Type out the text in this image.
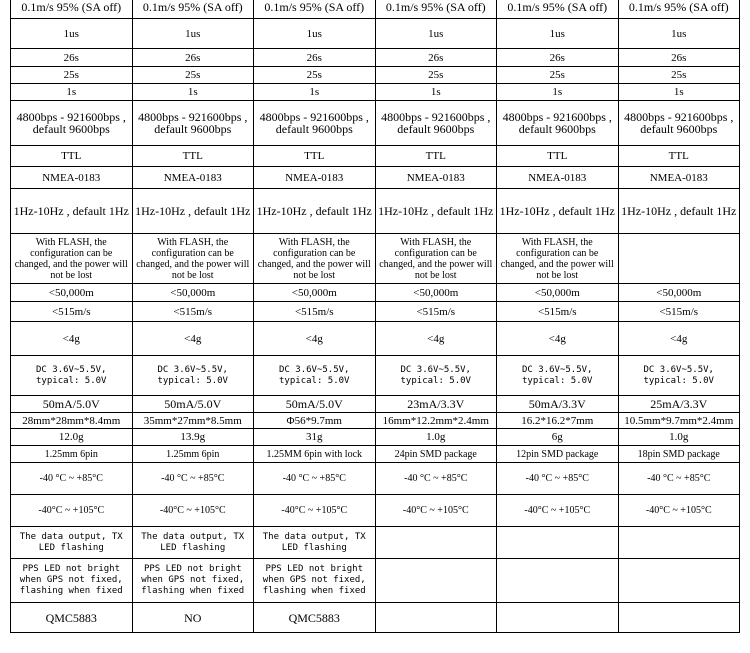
0.1m/s 95% (SA off)	0.1m/s 95% (SA off)	0.1m/s 95% (SA off)	0.1m/s 95% (SA off)	0.1m/s 95% (SA off)	0.1m/s 95% (SA off)
1us	1us	1us	1us	1us	1us
26s	26s	26s	26s	26s	26s
25s	25s	25s	25s	25s	25s
1s	1s	1s	1s	1s	1s
4800bps - 921600bps , default 9600bps	4800bps - 921600bps , default 9600bps	4800bps - 921600bps , default 9600bps	4800bps - 921600bps , default 9600bps	4800bps - 921600bps , default 9600bps	4800bps - 921600bps , default 9600bps
TTL	TTL	TTL	TTL	TTL	TTL
NMEA-0183	NMEA-0183	NMEA-0183	NMEA-0183	NMEA-0183	NMEA-0183
1Hz-10Hz , default 1Hz	1Hz-10Hz , default 1Hz	1Hz-10Hz , default 1Hz	1Hz-10Hz , default 1Hz	1Hz-10Hz , default 1Hz	1Hz-10Hz , default 1Hz
With FLASH, the configuration can be changed, and the power will not be lost	With FLASH, the configuration can be changed, and the power will not be lost	With FLASH, the configuration can be changed, and the power will not be lost	With FLASH, the configuration can be changed, and the power will not be lost	With FLASH, the configuration can be changed, and the power will not be lost	
<50,000m	<50,000m	<50,000m	<50,000m	<50,000m	<50,000m
<515m/s	<515m/s	<515m/s	<515m/s	<515m/s	<515m/s
<4g	<4g	<4g	<4g	<4g	<4g
DC 3.6V~5.5V, typical: 5.0V	DC 3.6V~5.5V, typical: 5.0V	DC 3.6V~5.5V, typical: 5.0V	DC 3.6V~5.5V, typical: 5.0V	DC 3.6V~5.5V, typical: 5.0V	DC 3.6V~5.5V, typical: 5.0V
50mA/5.0V	50mA/5.0V	50mA/5.0V	23mA/3.3V	50mA/3.3V	25mA/3.3V
28mm*28mm*8.4mm	35mm*27mm*8.5mm	Φ56*9.7mm	16mm*12.2mm*2.4mm	16.2*16.2*7mm	10.5mm*9.7mm*2.4mm
12.0g	13.9g	31g	1.0g	6g	1.0g
1.25mm 6pin	1.25mm 6pin	1.25MM 6pin with lock	24pin SMD package	12pin SMD package	18pin SMD package
-40 °C ~ +85°C	-40 °C ~ +85°C	-40 °C ~ +85°C	-40 °C ~ +85°C	-40 °C ~ +85°C	-40 °C ~ +85°C
-40°C ~ +105°C	-40°C ~ +105°C	-40°C ~ +105°C	-40°C ~ +105°C	-40°C ~ +105°C	-40°C ~ +105°C
The data output, TX LED flashing	The data output, TX LED flashing	The data output, TX LED flashing			
PPS LED not bright when GPS not fixed, flashing when fixed	PPS LED not bright when GPS not fixed, flashing when fixed	PPS LED not bright when GPS not fixed, flashing when fixed			
QMC5883	NO	QMC5883			
